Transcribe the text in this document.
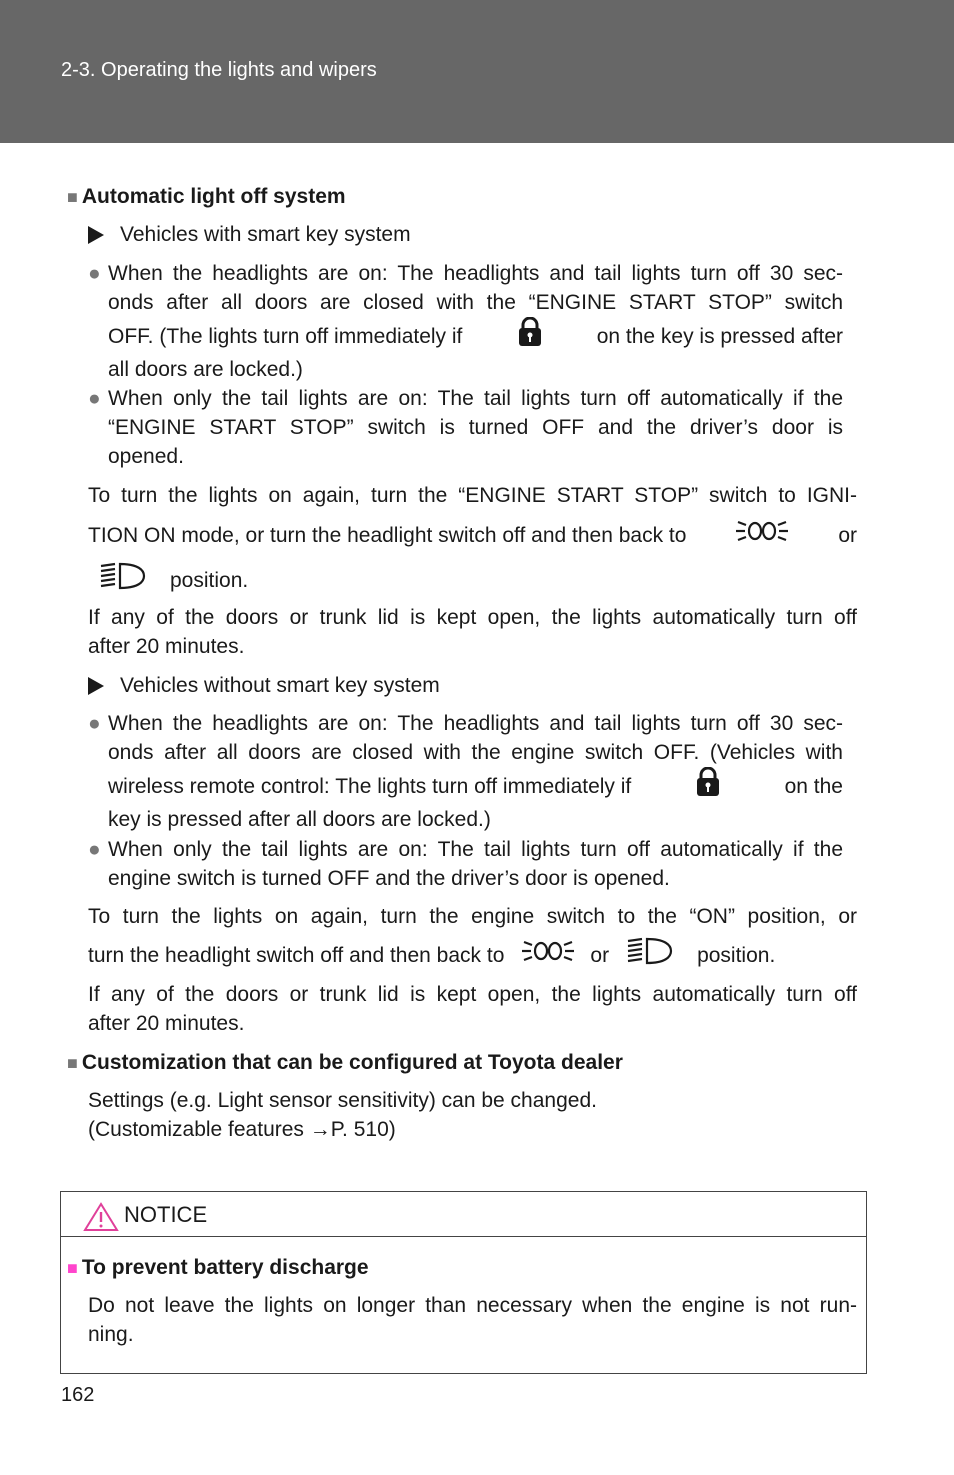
2-3. Operating the lights and wipers
■ Automatic light off system
Vehicles with smart key system
● When the headlights are on: The headlights and tail lights turn off 30 sec-
onds after all doors are closed with the “ENGINE START STOP” switch
OFF. (The lights turn off immediately if	on the key is pressed after
all doors are locked.)
● When only the tail lights are on: The tail lights turn off automatically if the
“ENGINE START STOP” switch is turned OFF and the driver’s door is
opened.
To turn the lights on again, turn the “ENGINE START STOP” switch to IGNI-
TION ON mode, or turn the headlight switch off and then back to	or
position.
If any of the doors or trunk lid is kept open, the lights automatically turn off
after 20 minutes.
Vehicles without smart key system
● When the headlights are on: The headlights and tail lights turn off 30 sec-
onds after all doors are closed with the engine switch OFF. (Vehicles with
wireless remote control: The lights turn off immediately if	on the
key is pressed after all doors are locked.)
● When only the tail lights are on: The tail lights turn off automatically if the
engine switch is turned OFF and the driver’s door is opened.
To turn the lights on again, turn the engine switch to the “ON” position, or
turn the headlight switch off and then back to	or	position.
If any of the doors or trunk lid is kept open, the lights automatically turn off
after 20 minutes.
■ Customization that can be configured at Toyota dealer
Settings (e.g. Light sensor sensitivity) can be changed.
(Customizable features →P. 510)
NOTICE
■ To prevent battery discharge
Do not leave the lights on longer than necessary when the engine is not run-
ning.
162
